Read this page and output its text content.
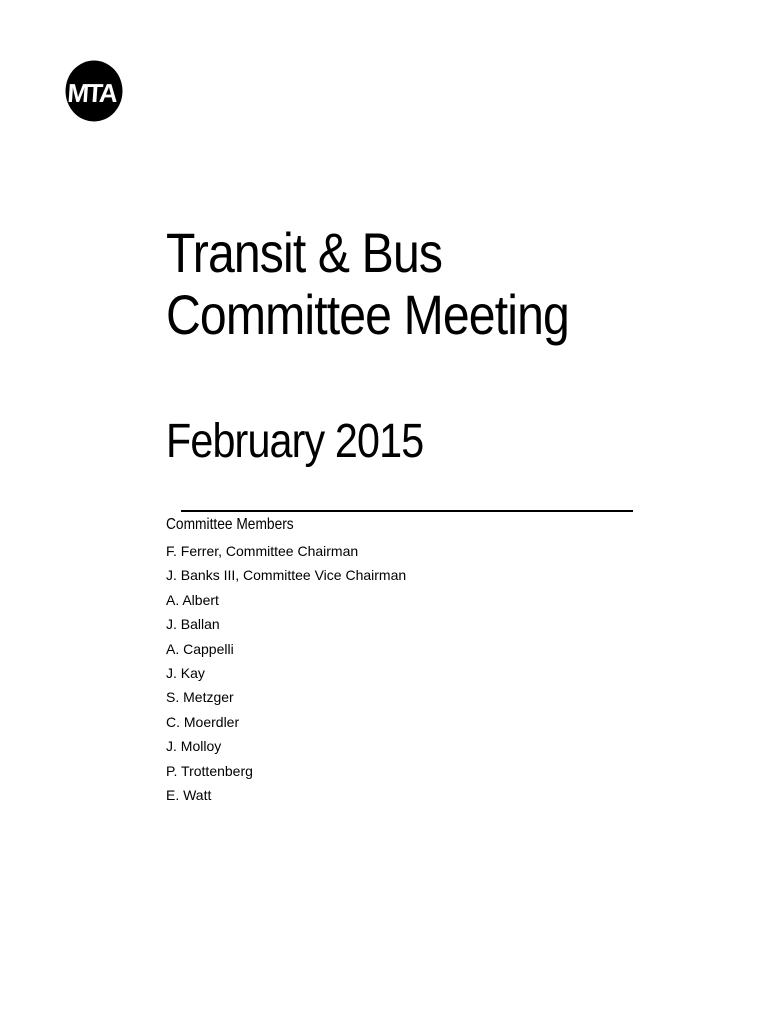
MTA
Transit & Bus
Committee Meeting
February 2015
Committee Members
F. Ferrer, Committee Chairman
J. Banks III, Committee Vice Chairman
A. Albert
J. Ballan
A. Cappelli
J. Kay
S. Metzger
C. Moerdler
J. Molloy
P. Trottenberg
E. Watt
